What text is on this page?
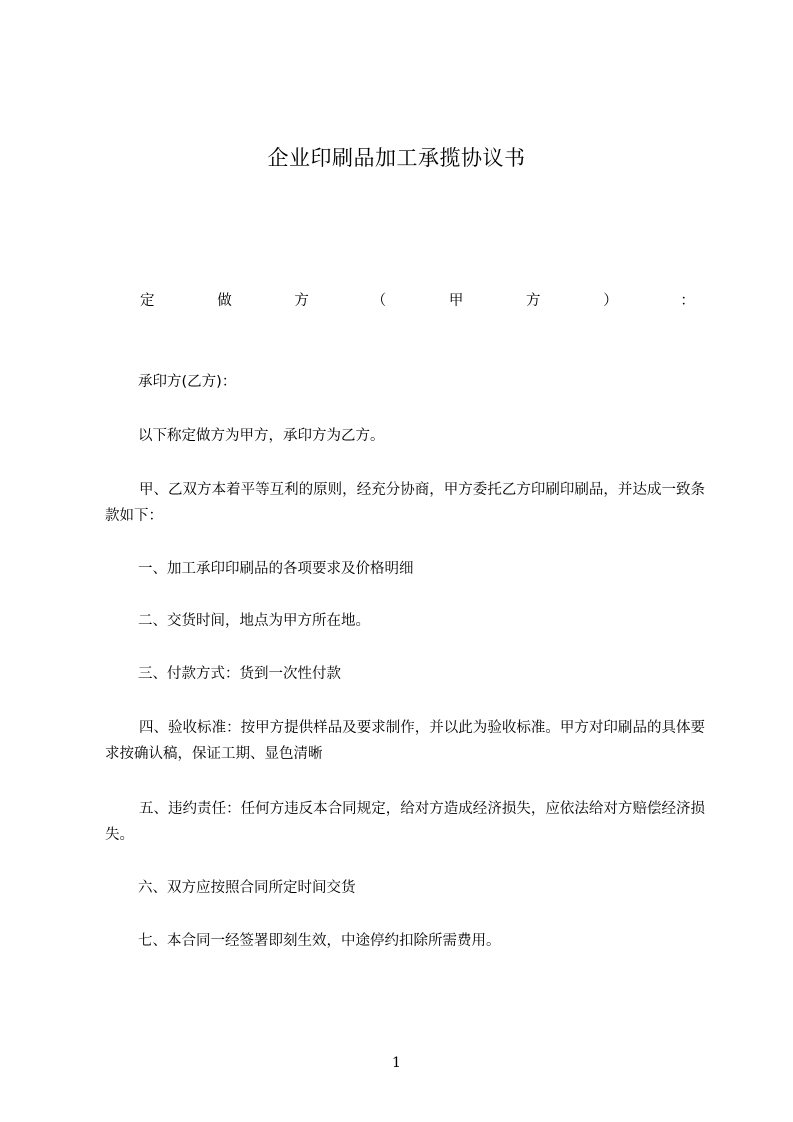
企业印刷品加工承揽协议书
定	做	方	（	甲	方	）	：
承印方(乙方)：
以下称定做方为甲方，承印方为乙方。
甲、乙双方本着平等互利的原则，经充分协商，甲方委托乙方印刷印刷品，并达成一致条款如下：
一、加工承印印刷品的各项要求及价格明细
二、交货时间，地点为甲方所在地。
三、付款方式：货到一次性付款
四、验收标准：按甲方提供样品及要求制作，并以此为验收标准。甲方对印刷品的具体要求按确认稿，保证工期、显色清晰
五、违约责任：任何方违反本合同规定，给对方造成经济损失，应依法给对方赔偿经济损失。
六、双方应按照合同所定时间交货
七、本合同一经签署即刻生效，中途停约扣除所需费用。
1
